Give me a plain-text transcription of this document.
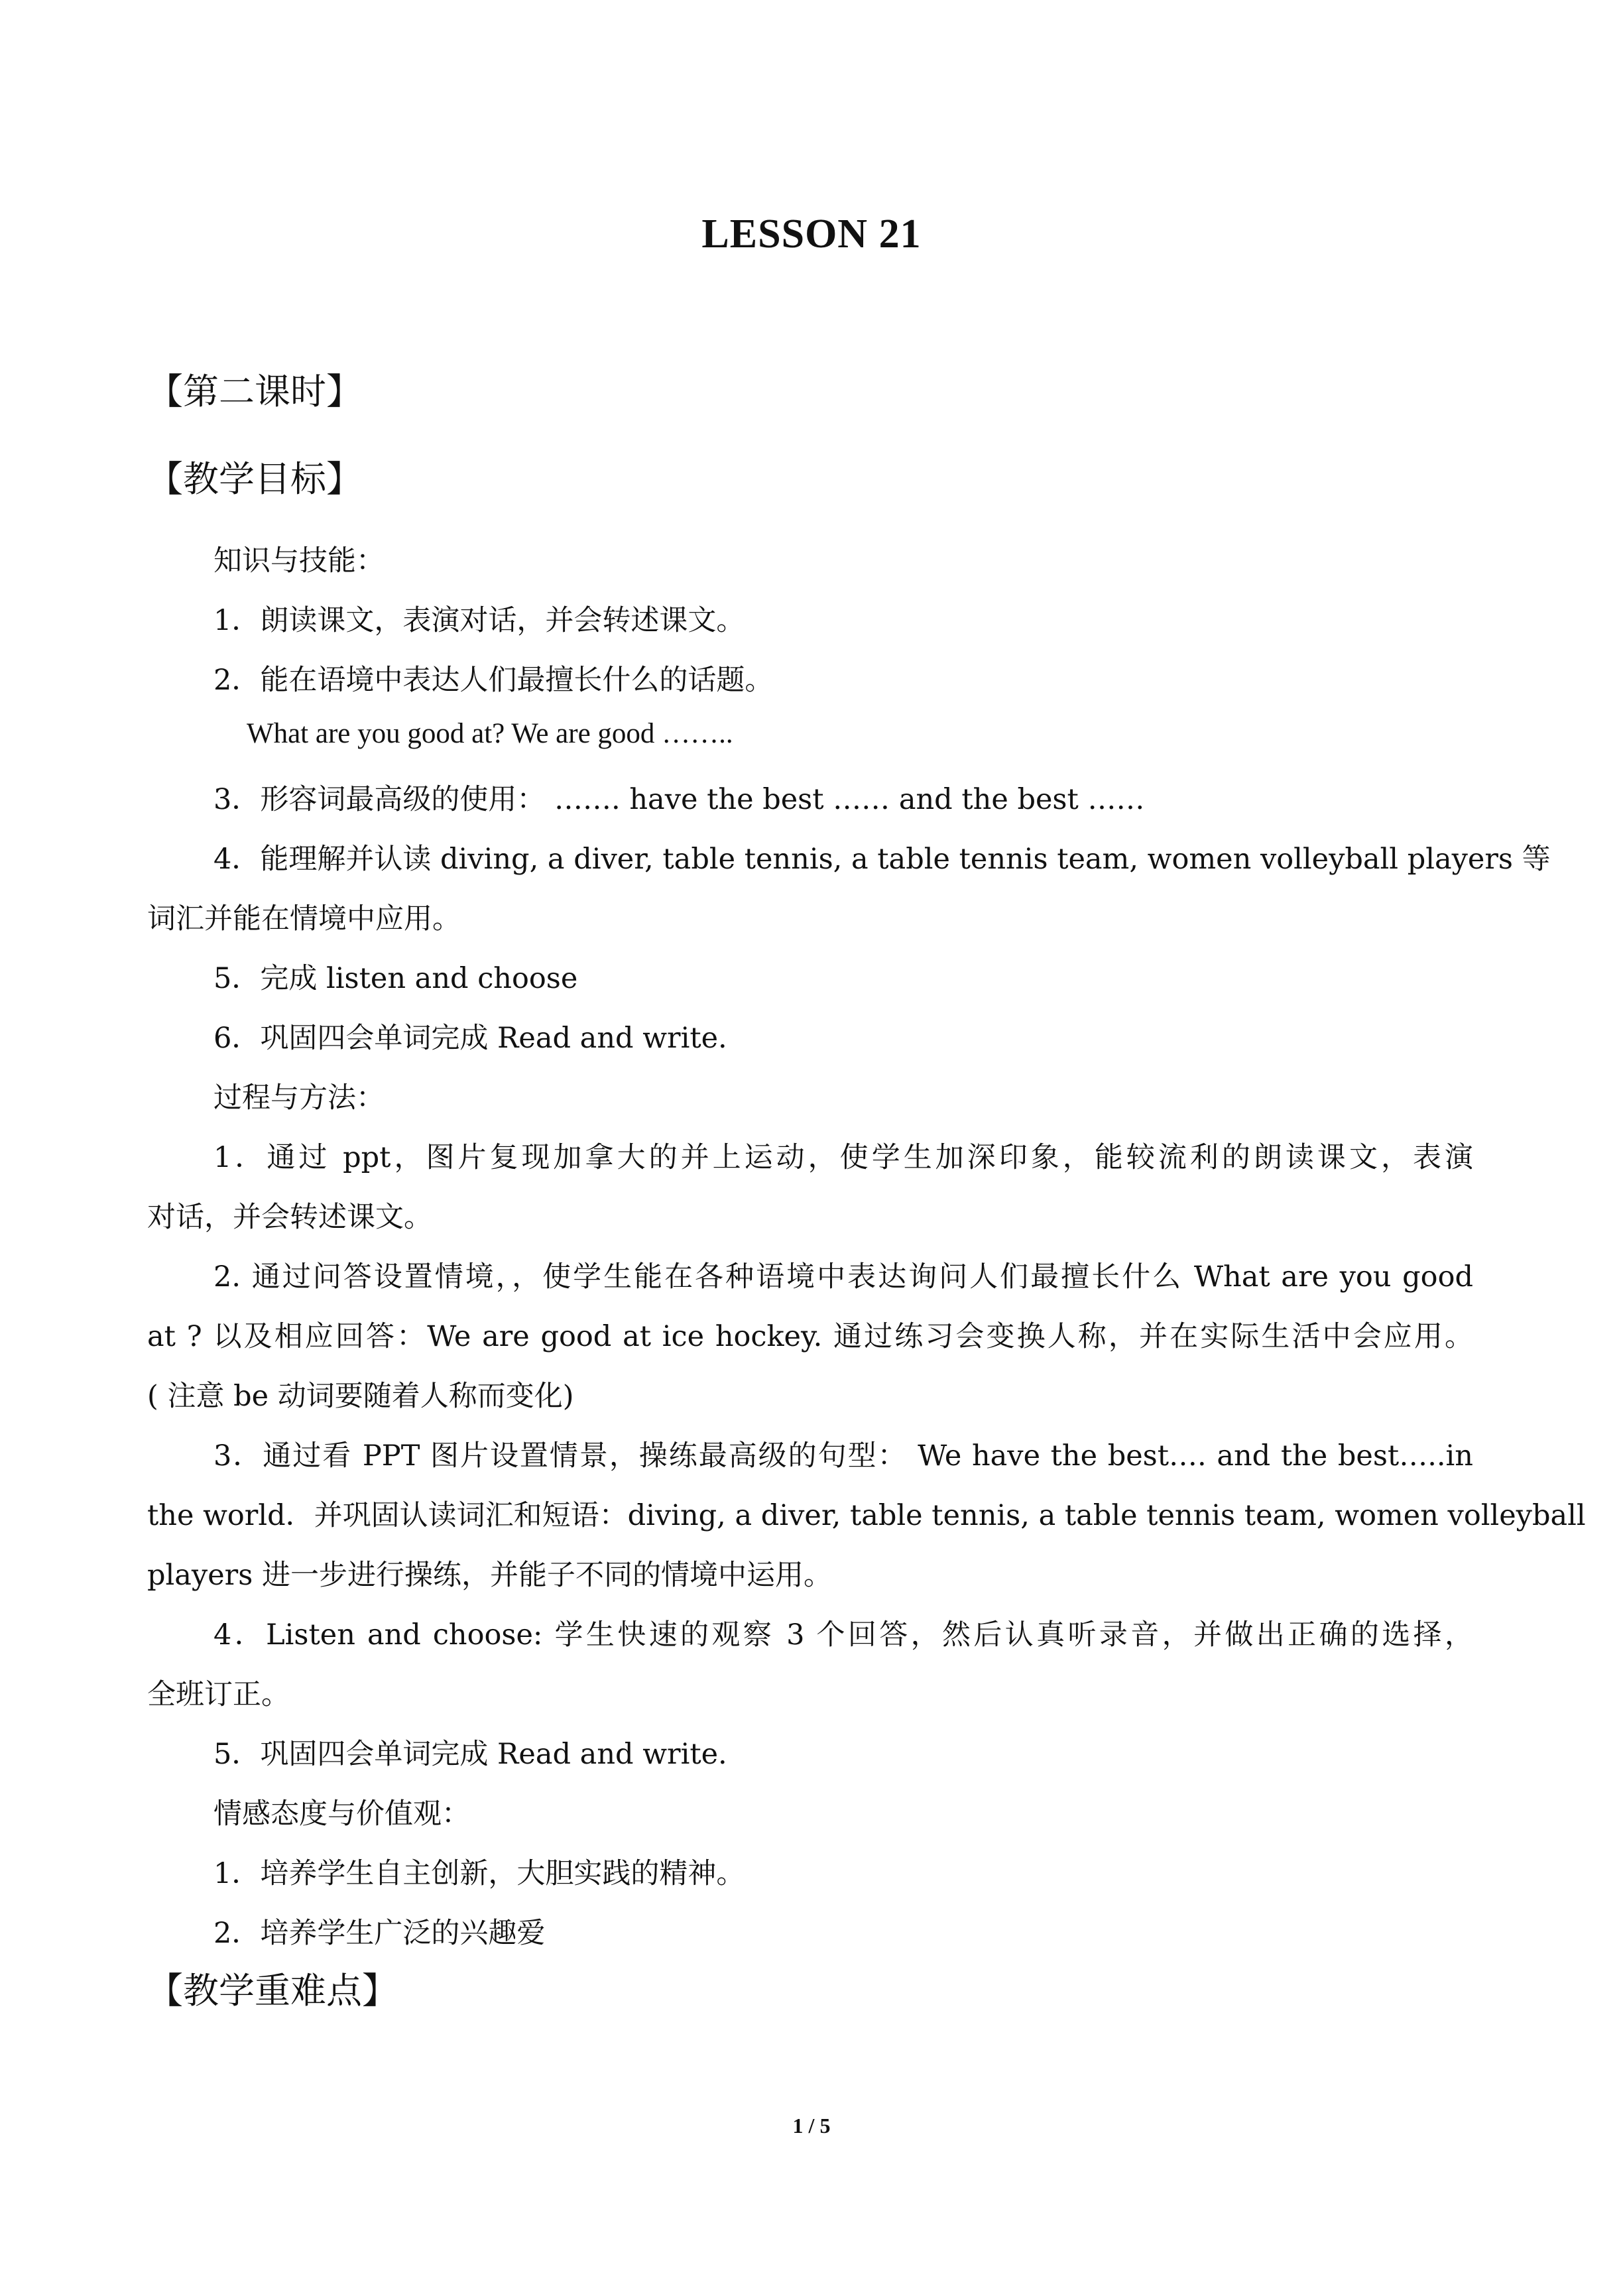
LESSON 21
【第二课时】
【教学目标】
知识与技能：
1．朗读课文，表演对话，并会转述课文。
2．能在语境中表达人们最擅长什么的话题。
What are you good at? We are good ……..
3．形容词最高级的使用： ……. have the best …… and the best ……
4．能理解并认读 diving, a diver, table tennis, a table tennis team, women volleyball players 等
词汇并能在情境中应用。
5．完成 listen and choose
6．巩固四会单词完成 Read and write.
过程与方法：
1．通过 ppt，图片复现加拿大的并上运动，使学生加深印象，能较流利的朗读课文，表演
对话，并会转述课文。
2. 通过问答设置情境，，使学生能在各种语境中表达询问人们最擅长什么 What are you good
at ? 以及相应回答：We are good at ice hockey. 通过练习会变换人称，并在实际生活中会应用。
( 注意 be 动词要随着人称而变化)
3．通过看 PPT 图片设置情景，操练最高级的句型： We have the best…. and the best…..in
the world．并巩固认读词汇和短语：diving, a diver, table tennis, a table tennis team, women volleyball
players 进一步进行操练，并能子不同的情境中运用。
4．Listen and choose: 学生快速的观察 3 个回答，然后认真听录音，并做出正确的选择，
全班订正。
5．巩固四会单词完成 Read and write.
情感态度与价值观：
1．培养学生自主创新，大胆实践的精神。
2．培养学生广泛的兴趣爱
【教学重难点】
1 / 5
